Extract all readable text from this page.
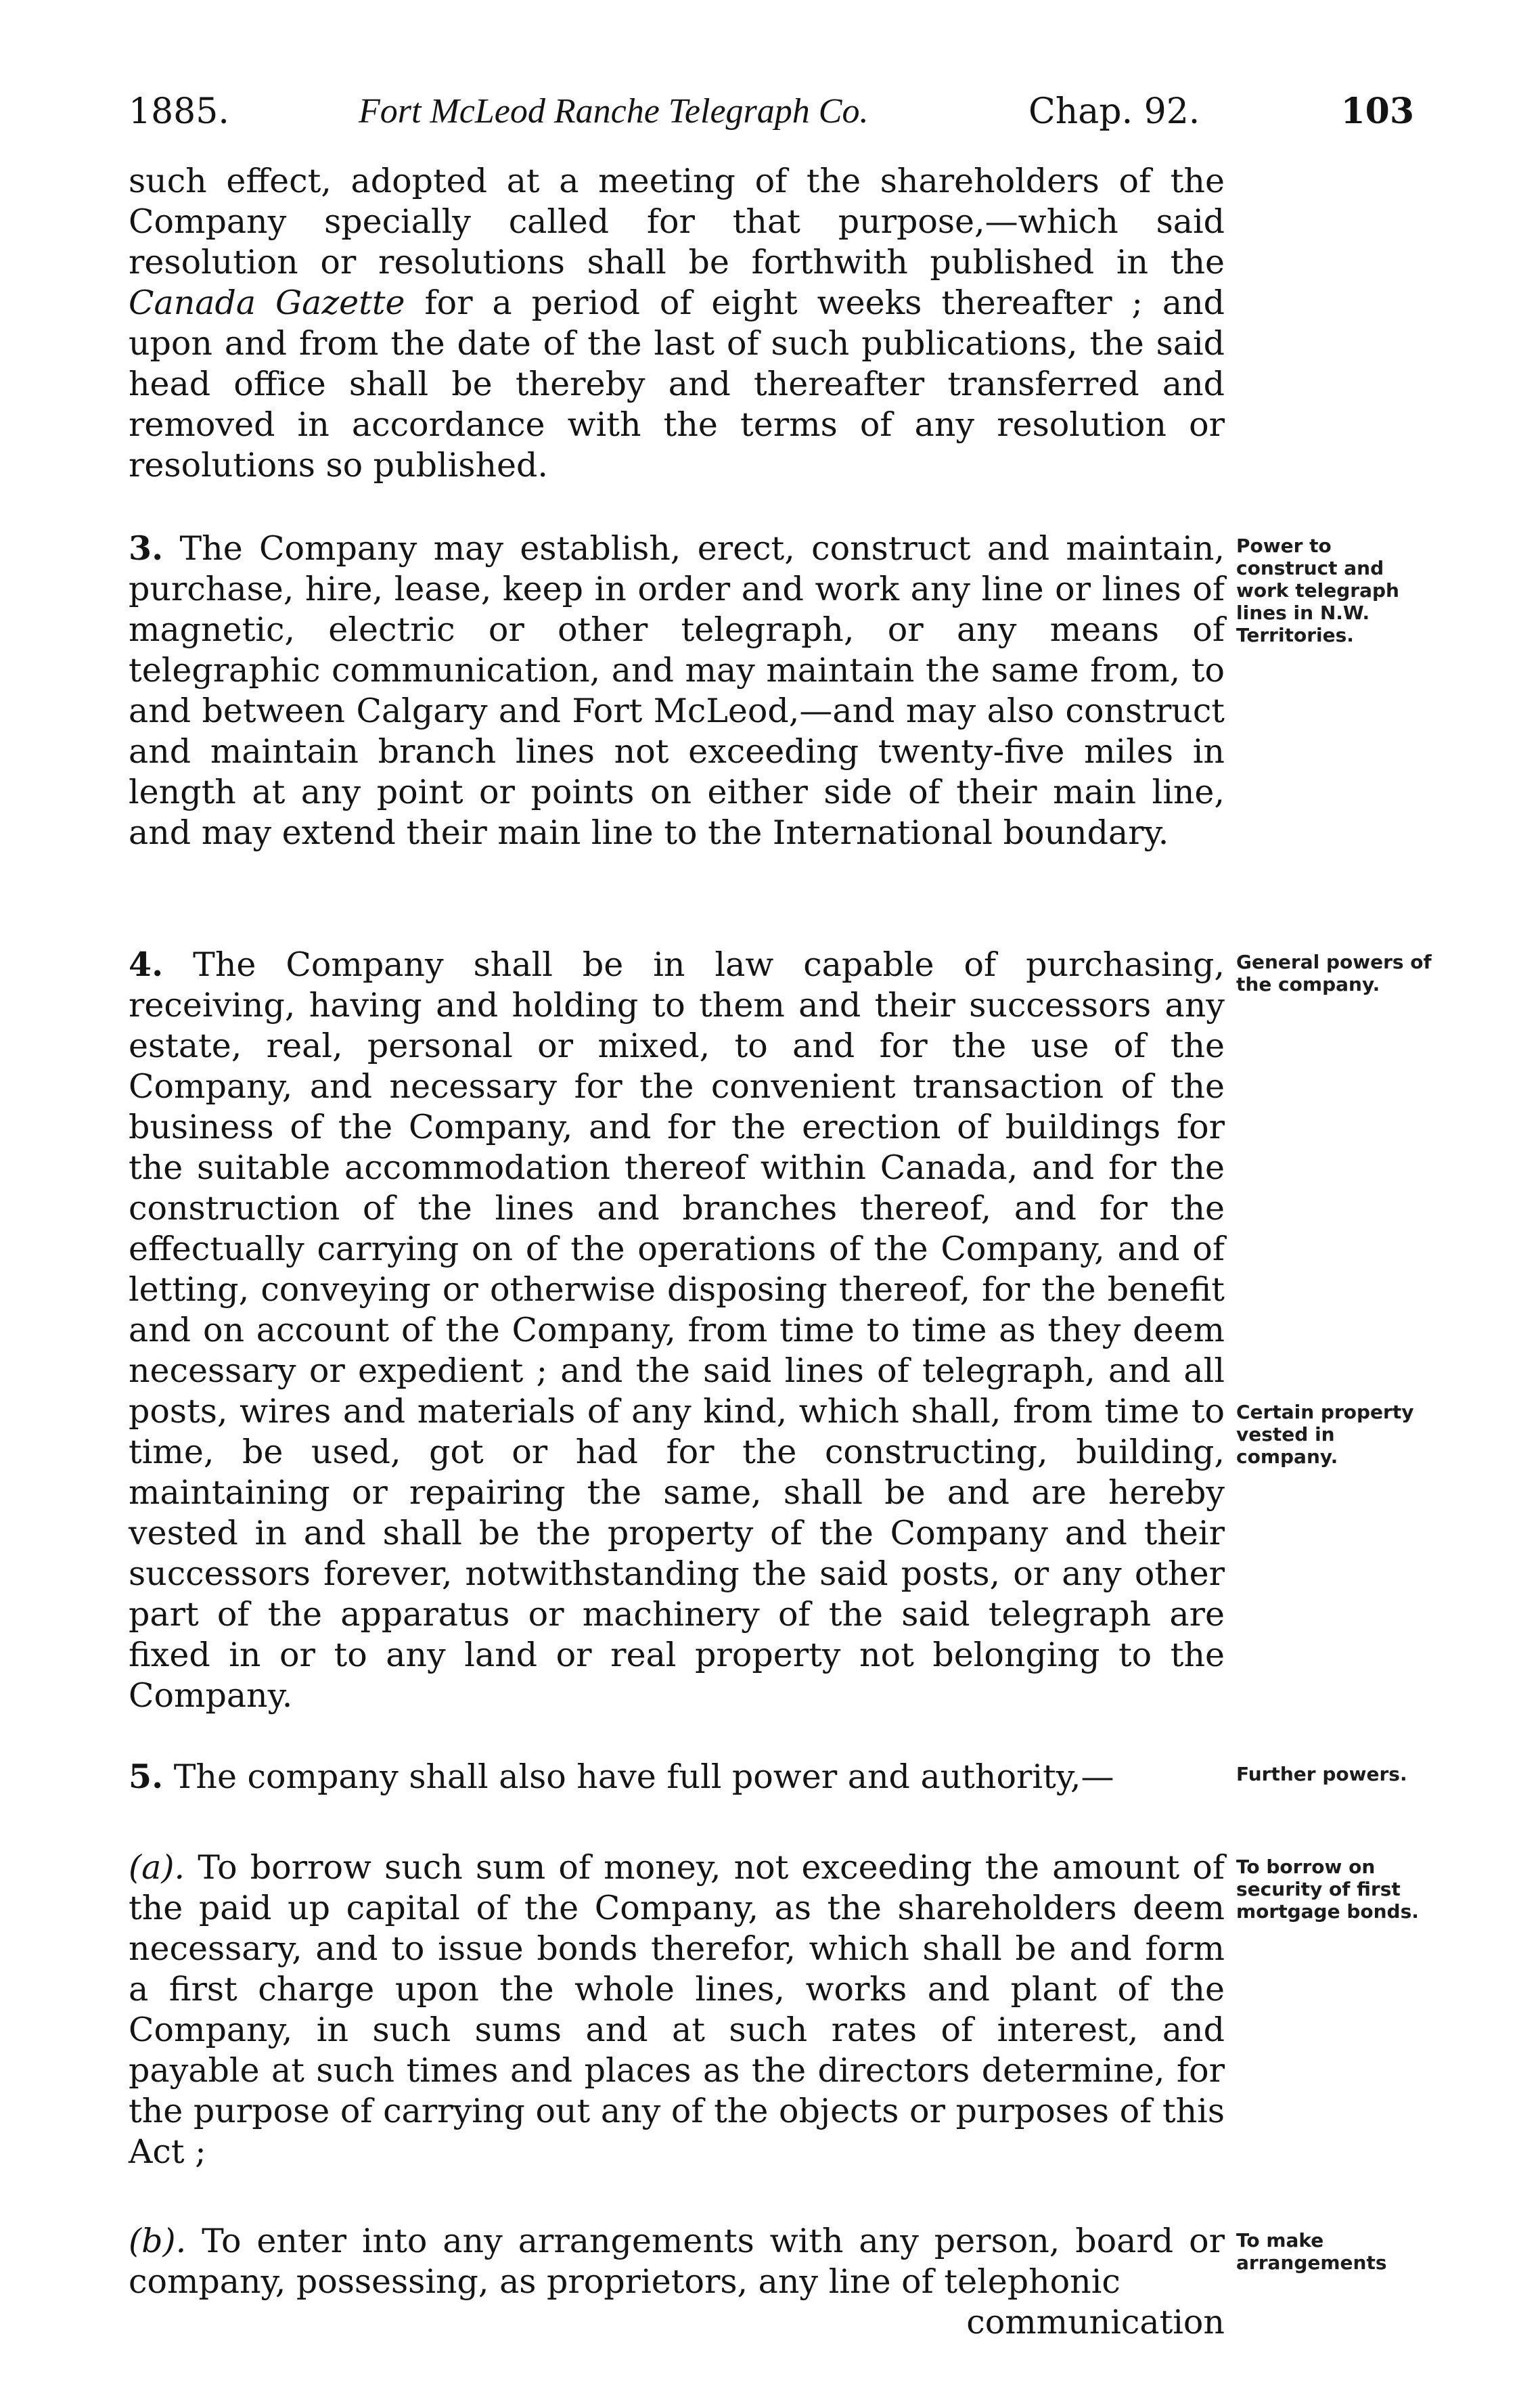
1885.	Fort McLeod Ranche Telegraph Co.	Chap. 92.	103

such effect, adopted at a meeting of the shareholders of the Company specially called for that purpose,—which said resolution or resolutions shall be forthwith published in the Canada Gazette for a period of eight weeks thereafter ; and upon and from the date of the last of such publications, the said head office shall be thereby and thereafter transferred and removed in accordance with the terms of any resolution or resolutions so published.

3. The Company may establish, erect, construct and maintain, purchase, hire, lease, keep in order and work any line or lines of magnetic, electric or other telegraph, or any means of telegraphic communication, and may maintain the same from, to and between Calgary and Fort McLeod,—and may also construct and maintain branch lines not exceeding twenty-five miles in length at any point or points on either side of their main line, and may extend their main line to the International boundary.

Power to construct and work telegraph lines in N.W. Territories.

4. The Company shall be in law capable of purchasing, receiving, having and holding to them and their successors any estate, real, personal or mixed, to and for the use of the Company, and necessary for the convenient transaction of the business of the Company, and for the erection of buildings for the suitable accommodation thereof within Canada, and for the construction of the lines and branches thereof, and for the effectually carrying on of the operations of the Company, and of letting, conveying or otherwise disposing thereof, for the benefit and on account of the Company, from time to time as they deem necessary or expedient ; and the said lines of telegraph, and all posts, wires and materials of any kind, which shall, from time to time, be used, got or had for the constructing, building, maintaining or repairing the same, shall be and are hereby vested in and shall be the property of the Company and their successors forever, notwithstanding the said posts, or any other part of the apparatus or machinery of the said telegraph are fixed in or to any land or real property not belonging to the Company.

General powers of the company.
Certain property vested in company.

5. The company shall also have full power and authority,—	Further powers.

(a). To borrow such sum of money, not exceeding the amount of the paid up capital of the Company, as the shareholders deem necessary, and to issue bonds therefor, which shall be and form a first charge upon the whole lines, works and plant of the Company, in such sums and at such rates of interest, and payable at such times and places as the directors determine, for the purpose of carrying out any of the objects or purposes of this Act ;

To borrow on security of first mortgage bonds.

(b). To enter into any arrangements with any person, board or company, possessing, as proprietors, any line of telephonic

communication

To make arrangements
